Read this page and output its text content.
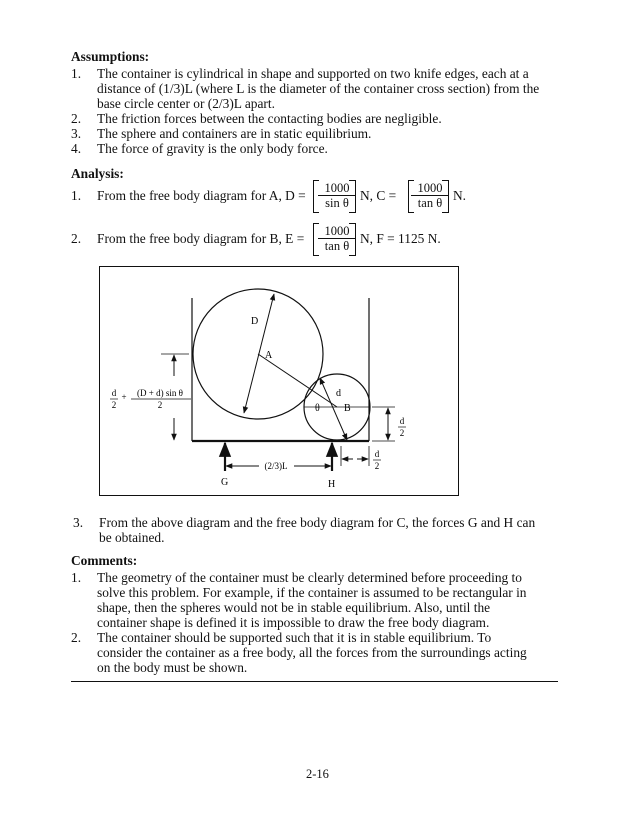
Assumptions:
1. The container is cylindrical in shape and supported on two knife edges, each at a
distance of (1/3)L (where L is the diameter of the container cross section) from the
base circle center or (2/3)L apart.
2. The friction forces between the contacting bodies are negligible.
3. The sphere and containers are in static equilibrium.
4. The force of gravity is the only body force.
Analysis:
1. From the free body diagram for A, $D = \frac{1000}{\text{sin θ}} N$, $C = \frac{1000}{\text{tan θ}} N$.
2. From the free body diagram for B, $E = \frac{1000}{\text{tan θ}} N$, F = 1125 N.
D
A
d
θ B
G	H
(2/3)L
d
2
+ (D + d) sin θ
2
d
2
d
2
3. From the above diagram and the free body diagram for C, the forces G and H can
be obtained.
Comments:
1. The geometry of the container must be clearly determined before proceeding to
solve this problem. For example, if the container is assumed to be rectangular in
shape, then the spheres would not be in stable equilibrium. Also, until the
container shape is defined it is impossible to draw the free body diagram.
2. The container should be supported such that it is in stable equilibrium. To
consider the container as a free body, all the forces from the surroundings acting
on the body must be shown.
2-16
